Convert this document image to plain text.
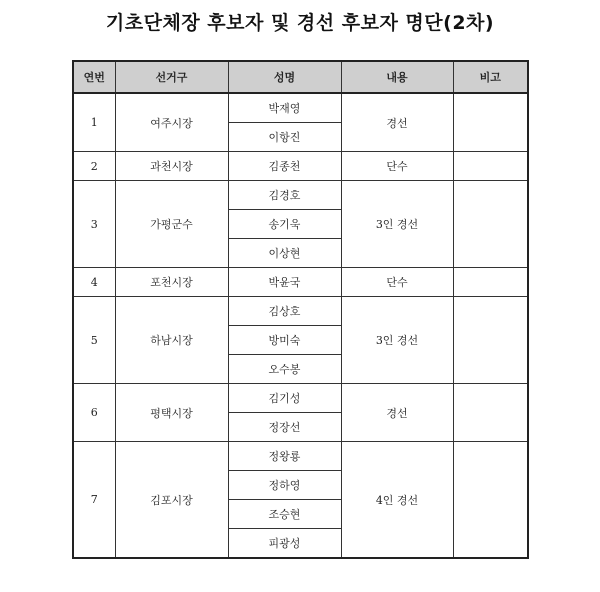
기초단체장 후보자 및 경선 후보자 명단(2차)
연번	선거구	성명	내용	비고
1	여주시장	박재영	경선	
		이항진		
2	과천시장	김종천	단수	
3	가평군수	김경호	3인 경선	
		송기욱		
		이상현		
4	포천시장	박윤국	단수	
5	하남시장	김상호	3인 경선	
		방미숙		
		오수봉		
6	평택시장	김기성	경선	
		정장선		
7	김포시장	정왕룡	4인 경선	
		정하영		
		조승현		
		피광성		
